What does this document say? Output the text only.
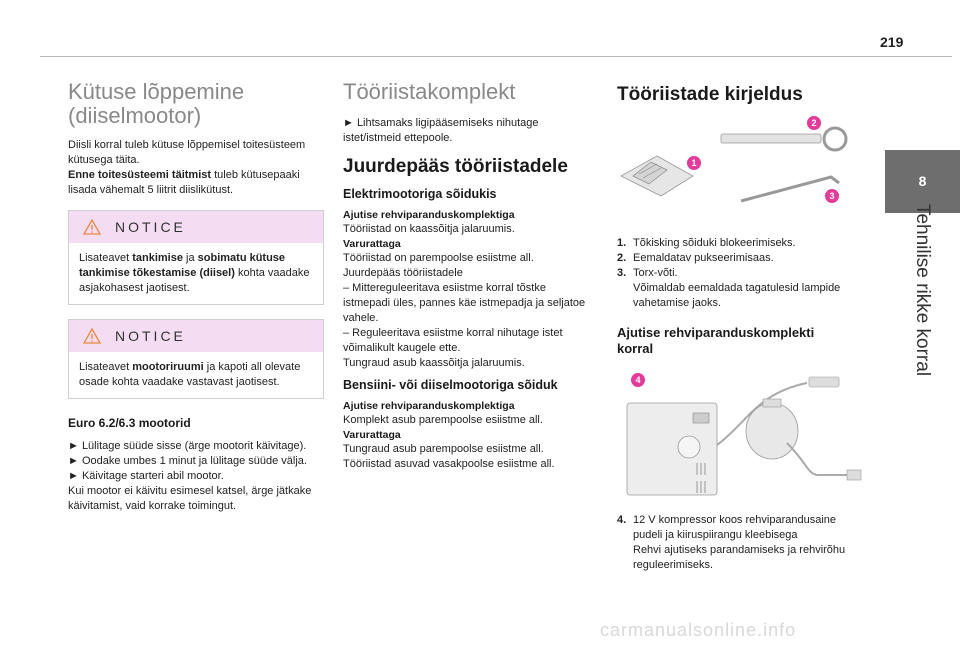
219
8
Tehnilise rikke korral
Kütuse lõppemine (diiselmootor)

Diisli korral tuleb kütuse lõppemisel toitesüsteem kütusega täita.

Enne toitesüsteemi täitmist tuleb kütusepaaki lisada vähemalt 5 liitrit diislikütust.

NOTICE
Lisateavet tankimise ja sobimatu kütuse tankimise tõkestamise (diisel) kohta vaadake asjakohasest jaotisest.
NOTICE
Lisateavet mootoriruumi ja kapoti all olevate osade kohta vaadake vastavast jaotisest.
Euro 6.2/6.3 mootorid

► Lülitage süüde sisse (ärge mootorit käivitage).

► Oodake umbes 1 minut ja lülitage süüde välja.

► Käivitage starteri abil mootor.

Kui mootor ei käivitu esimesel katsel, ärge jätkake käivitamist, vaid korrake toimingut.

Tööriistakomplekt

► Lihtsamaks ligipääsemiseks nihutage istet/istmeid ettepoole.

Juurdepääs tööriistadele
Elektrimootoriga sõidukis
Ajutise rehviparanduskomplektiga

Tööriistad on kaassõitja jalaruumis.

Varurattaga

Tööriistad on parempoolse esiistme all.

Juurdepääs tööriistadele

– Mittereguleeritava esiistme korral tõstke istmepadi üles, pannes käe istmepadja ja seljatoe vahele.

– Reguleeritava esiistme korral nihutage istet võimalikult kaugele ette.

Tungraud asub kaassõitja jalaruumis.

Bensiini- või diiselmootoriga sõiduk
Ajutise rehviparanduskomplektiga

Komplekt asub parempoolse esiistme all.

Varurattaga

Tungraud asub parempoolse esiistme all.

Tööriistad asuvad vasakpoolse esiistme all.

Tööriistade kirjeldus
1
2
3
1. Tõkisking sõiduki blokeerimiseks.
2. Eemaldatav pukseerimisaas.
3. Torx-võti.
Võimaldab eemaldada tagatulesid lampide vahetamise jaoks.
Ajutise rehviparanduskomplekti korral
4
4. 12 V kompressor koos rehviparandusaine pudeli ja kiiruspiirangu kleebisega
Rehvi ajutiseks parandamiseks ja rehvirõhu reguleerimiseks.
carmanualsonline.info
